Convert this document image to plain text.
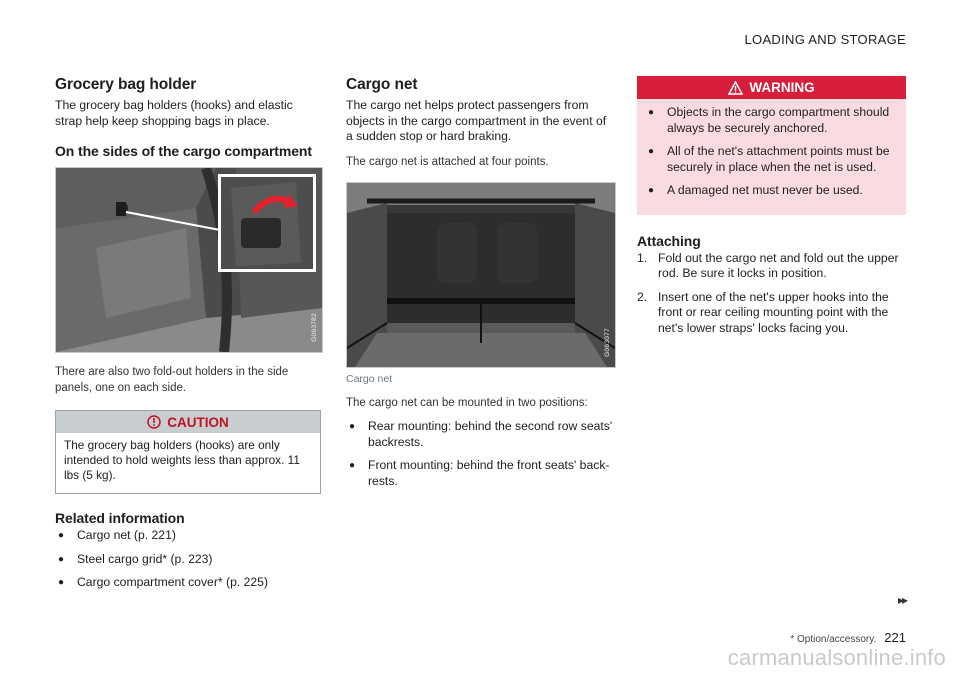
LOADING AND STORAGE
Grocery bag holder

The grocery bag holders (hooks) and elastic strap help keep shopping bags in place.

On the sides of the cargo compartment
G063782

There are also two fold-out holders in the side panels, one on each side.

CAUTION

The grocery bag holders (hooks) are only intended to hold weights less than approx. 11 lbs (5 kg).

Related information
● Cargo net (p. 221)
● Steel cargo grid* (p. 223)
● Cargo compartment cover* (p. 225)
Cargo net

The cargo net helps protect passengers from objects in the cargo compartment in the event of a sudden stop or hard braking.

The cargo net is attached at four points.

G063077

Cargo net

The cargo net can be mounted in two positions:

● Rear mounting: behind the second row seats' backrests.
● Front mounting: behind the front seats' back-rests.
WARNING
● Objects in the cargo compartment should always be securely anchored.
● All of the net's attachment points must be securely in place when the net is used.
● A damaged net must never be used.
Attaching
1. Fold out the cargo net and fold out the upper rod. Be sure it locks in position.
2. Insert one of the net's upper hooks into the front or rear ceiling mounting point with the net's lower straps' locks facing you.
▸▸
* Option/accessory. 221
carmanualsonline.info
